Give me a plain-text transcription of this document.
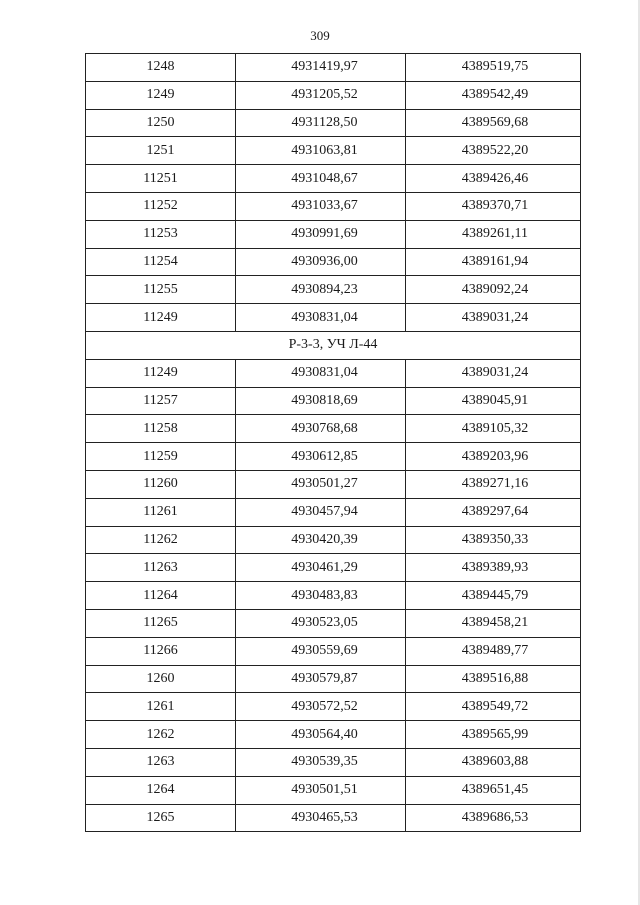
309
1248	4931419,97	4389519,75
1249	4931205,52	4389542,49
1250	4931128,50	4389569,68
1251	4931063,81	4389522,20
11251	4931048,67	4389426,46
11252	4931033,67	4389370,71
11253	4930991,69	4389261,11
11254	4930936,00	4389161,94
11255	4930894,23	4389092,24
11249	4930831,04	4389031,24
Р-3-3, УЧ Л-44		
11249	4930831,04	4389031,24
11257	4930818,69	4389045,91
11258	4930768,68	4389105,32
11259	4930612,85	4389203,96
11260	4930501,27	4389271,16
11261	4930457,94	4389297,64
11262	4930420,39	4389350,33
11263	4930461,29	4389389,93
11264	4930483,83	4389445,79
11265	4930523,05	4389458,21
11266	4930559,69	4389489,77
1260	4930579,87	4389516,88
1261	4930572,52	4389549,72
1262	4930564,40	4389565,99
1263	4930539,35	4389603,88
1264	4930501,51	4389651,45
1265	4930465,53	4389686,53
